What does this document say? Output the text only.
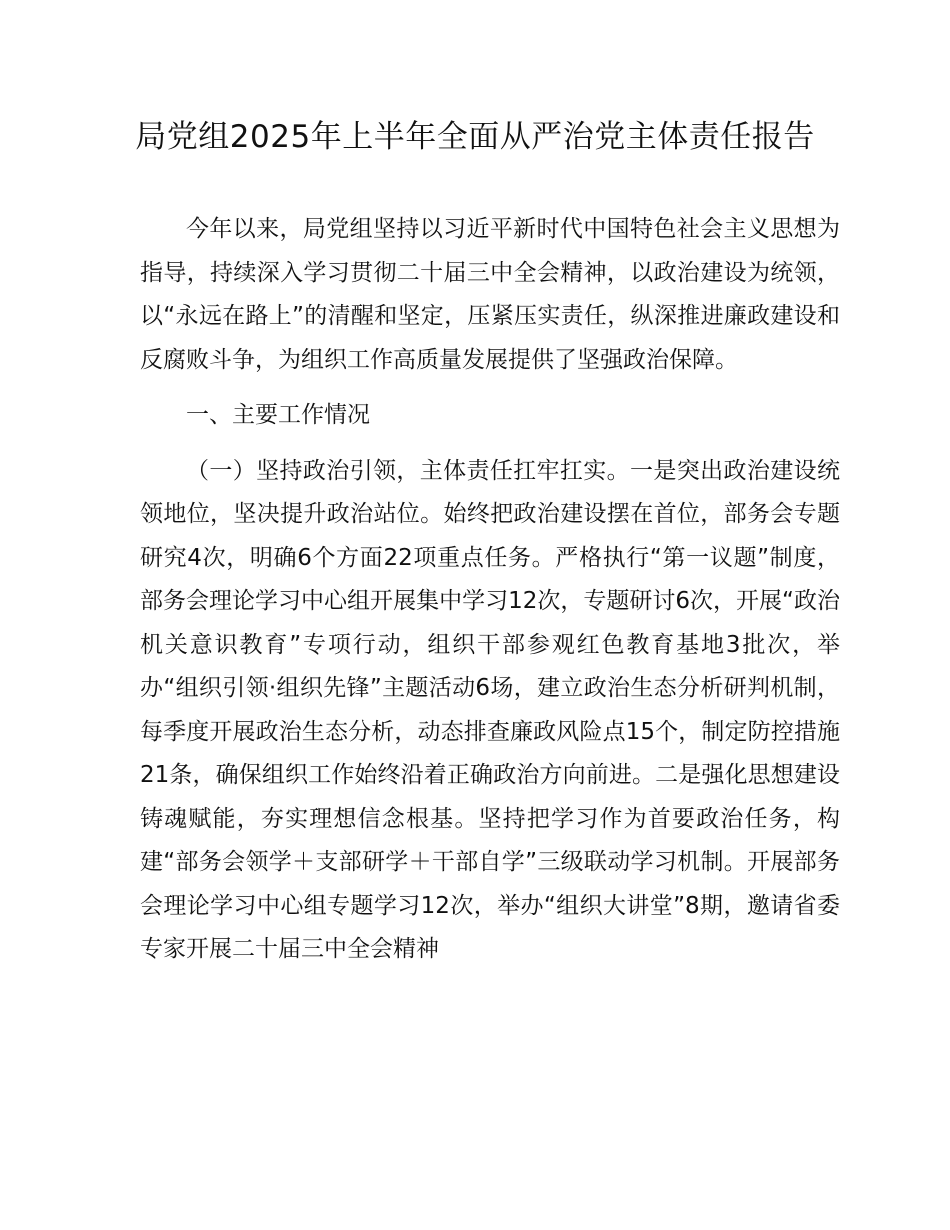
局党组2025年上半年全面从严治党主体责任报告

今年以来，局党组坚持以习近平新时代中国特色社会主义思想为指导，持续深入学习贯彻二十届三中全会精神，以政治建设为统领，以“永远在路上”的清醒和坚定，压紧压实责任，纵深推进廉政建设和反腐败斗争，为组织工作高质量发展提供了坚强政治保障。

一、主要工作情况

（一）坚持政治引领，主体责任扛牢扛实。一是突出政治建设统领地位，坚决提升政治站位。始终把政治建设摆在首位，部务会专题研究4次，明确6个方面22项重点任务。严格执行“第一议题”制度，部务会理论学习中心组开展集中学习12次，专题研讨6次，开展“政治机关意识教育”专项行动，组织干部参观红色教育基地3批次，举办“组织引领·组织先锋”主题活动6场，建立政治生态分析研判机制，每季度开展政治生态分析，动态排查廉政风险点15个，制定防控措施21条，确保组织工作始终沿着正确政治方向前进。二是强化思想建设铸魂赋能，夯实理想信念根基。坚持把学习作为首要政治任务，构建“部务会领学＋支部研学＋干部自学”三级联动学习机制。开展部务会理论学习中心组专题学习12次，举办“组织大讲堂”8期，邀请省委专家开展二十届三中全会精神
